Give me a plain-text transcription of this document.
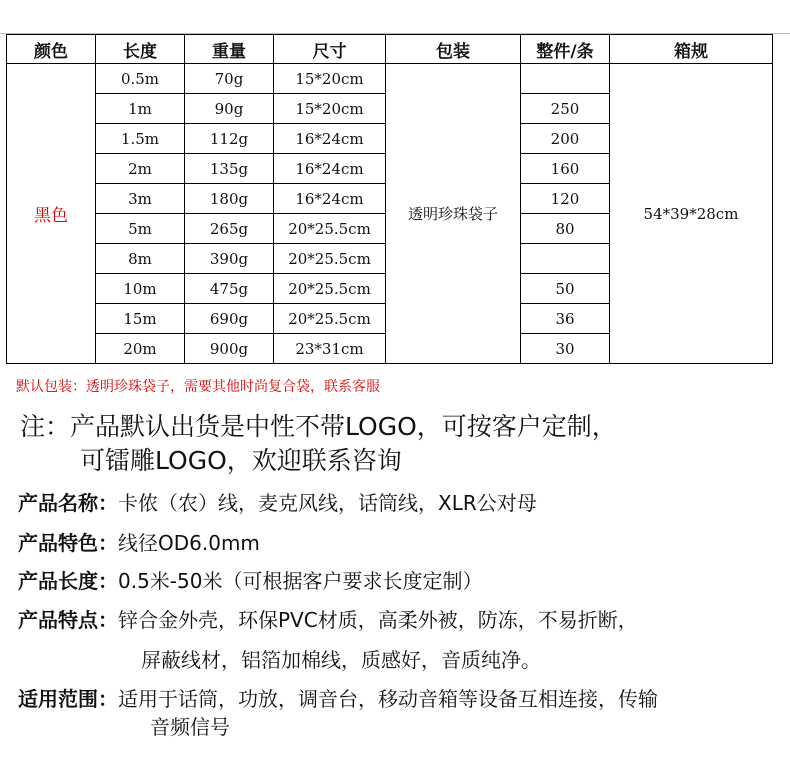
颜色	长度	重量	尺寸	包装	整件/条	箱规
黑色	0.5m	70g	15*20cm	透明珍珠袋子		54*39*28cm
	1m	90g	15*20cm		250	
	1.5m	112g	16*24cm		200	
	2m	135g	16*24cm		160	
	3m	180g	16*24cm		120	
	5m	265g	20*25.5cm		80	
	8m	390g	20*25.5cm			
	10m	475g	20*25.5cm		50	
	15m	690g	20*25.5cm		36	
	20m	900g	23*31cm		30	
默认包装：透明珍珠袋子，需要其他时尚复合袋，联系客服
注：产品默认出货是中性不带LOGO，可按客户定制，
可镭雕LOGO，欢迎联系咨询
产品名称：卡侬（农）线，麦克风线，话筒线，XLR公对母
产品特色：线径OD6.0mm
产品长度：0.5米-50米（可根据客户要求长度定制）
产品特点：锌合金外壳，环保PVC材质，高柔外被，防冻，不易折断，
屏蔽线材，铝箔加棉线，质感好，音质纯净。
适用范围：适用于话筒，功放，调音台，移动音箱等设备互相连接，传输
音频信号
